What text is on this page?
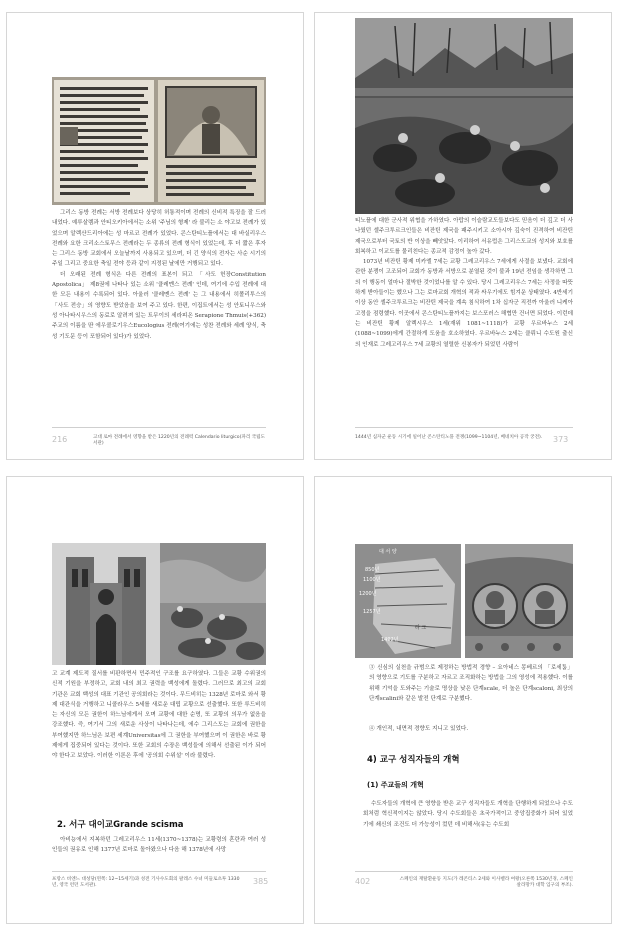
그리스 동방 전례는 서방 전례보다 상당히 허통적이며 전례의 신비적 특징을 잘 드러내었다. 예루살렘과 안티오키아에서는 소위 '주님의 형제' 라 불리는 소 야고보 전례가 있었으며 알렉산드리아에는 성 마르코 전례가 있었다. 콘스탄티노플에서는 대 바실리우스 전례와 요한 크리소스토무스 전례라는 두 종류의 전례 형식이 있었는데, 후 더 짧은 후자는 그리스 동방 교회에서 오늘날까지 사용되고 있으며, 더 긴 양식의 전자는 사순 시기의 주일 그리고 중요한 축일 전야 등과 같이 지정된 날에만 거행되고 있다.

더 오래된 전례 형식은 다른 전례의 표본이 되고 「사도 헌장Constitution Apostolica」 제8권에 나타나 있는 소위 '클레멘스 전례' 인데, 여기에 수입 전례에 대한 모든 내용이 수록되어 있다. 아울러 '클레멘스 전례' 는 그 내용에서 히폴리투스의 「사도 전승」의 영향도 받았음을 보여 주고 있다. 한편, 이집트에서는 성 안토니우스와 성 아나타시우스의 동료로 알려져 있는 트무이의 세라피온 Serapione Thmuis(+362) 주교의 이름을 딴 에우콜로기우스Eucologius 전례(여기에는 성찬 전례와 세례 양식, 축성 기도문 등이 포함되어 있다)가 있었다.

216	고대 로마 전례에서 영향을 받은 1220년의 전례력 Calendario liturgico(파리 국립도서관)

티노플에 대한 군사적 위협을 가하였다. 아랍의 이슬람교도들보다도 믿음이 더 깊고 더 사나웠던 셀주크투르크인들은 비잔틴 제국을 패주시키고 소아시아 깊숙이 진격하여 비잔틴 제국으로부터 국토의 반 이상을 빼앗았다. 이리하여 서유럽은 그리스도교의 성지와 보호를 회복하고 이교도를 물리친다는 종교적 감정이 높아 갔다.

1073년 비잔틴 황제 미카엘 7세는 교황 그레고리우스 7세에게 사절을 보냈다. 교회에 관한 분쟁이 고조되어 교회가 동방과 서방으로 분열된 것이 불과 19년 전임을 생각하면 그의 이 행동이 얼마나 절박한 것이었나를 알 수 있다. 당시 그레고리우스 7세는 사정을 따뜻하게 받아들이는 했으나 그는 로마교회 개혁의 적과 싸우기에도 힘겨운 상태였다. 4반세기 이상 동안 셀주크투르크는 비잔틴 제국을 계속 침식하여 1차 십자군 직전까 아울러 니케아 고정을 점령했다. 이곳에서 콘스탄티노플까지는 보스포러스 해협만 건너면 되었다. 이런데는 비잔틴 황제 알렉시우스 1세(재위 1081~1118)가 교황 우르바누스 2세(1088~1099)에게 간절하게 도움을 호소하였다. 우르바누스 2세는 클뤼니 수도원 출신의 인재로 그레고리우스 7세 교황의 열렬한 신봉자가 되었던 사람이

1444년 십자군 운동 시기에 일어난 콘스탄티노플 전쟁(1099~1104년, 베네치아 공작 궁전). 373

고 교계 제도적 질서를 비판하면서 민주적인 구조를 요구하였다. 그들은 교황 수위권의 신적 기원을 부정하고, 교회 내의 최고 권력을 백성에게 돌렸다. 그러므로 최고의 교회 기관은 교회 백성의 대표 기관인 공의회라는 것이다. 무드비히는 1328년 로마로 와서 황제 대관식을 거행하고 니콜라우스 5세를 새로운 대립 교황으로 선출했다. 또한 루드비히는 자신의 모든 권한이 하느님에게서 오며 교황에 대한 순명, 또 교황의 의무가 없음을 강조했다. 즉, 여기서 그의 새로운 사상이 나타나는데, 에수 그리스도는 교회에 권한을 부여했지만 하느님은 보편 세계Universitas에 그 권한을 부여했으며 이 권한은 바로 황제에게 집중되어 있다는 것이다. 또한 교회의 수장은 백성들에 의해서 선출된 이가 되어야 한다고 보았다. 이러한 이론은 후에 '공의회 수위설' 이라 불렸다.

2. 서구 대이교Grande scisma

아비뇽에서 지복하던 그레고리우스 11세(1370~1378)는 교황령의 혼란과 여러 성인들의 권유로 인해 1377년 로마로 돌아왔으나 다음 해 1378년에 사망

프랑스 비엔느 대성당(왼쪽: 12~15세기)과 성전 기사수도회의 팔레스 수녀 미들로츠투 1330년, 영국 런던 도서관).	385
대 서 양
850년
1100년
1200년
1257년
1492년
라 크

③ 신심의 실천을 규범으로 제정하는 방법적 경향 – 요아네스 몽베르의 「로세툼」의 영향으로 기도를 구분하고 자르고 조직화하는 방법을 그의 영성에 적용했다. 이를 위해 기억을 도와주는 기술로 명상을 낮은 단계scale, 더 높은 단계scaloni, 최상의 단계scalini와 같은 발전 단계로 구분했다.

④ 개인적, 내면적 경향도 지니고 있었다.

4) 교구 성직자들의 개혁
(1) 주교들의 개혁

수도자들의 개혁에 큰 영향을 받은 교구 성직자들도 개혁을 단행하게 되었으나 수도회처럼 혁신적이지는 않았다. 당시 수도회들은 초국가적이고 중앙집중화가 되어 있었기에 쇄신의 조건도 더 가능성이 컸던 데 비해서(유는 수도회

402	스페인의 재탈환운동 지도(가 레콘티스 2세와 이사벨라 여왕(오른쪽 1530년경, 스페인 살라망카 대학 입구의 부조).
